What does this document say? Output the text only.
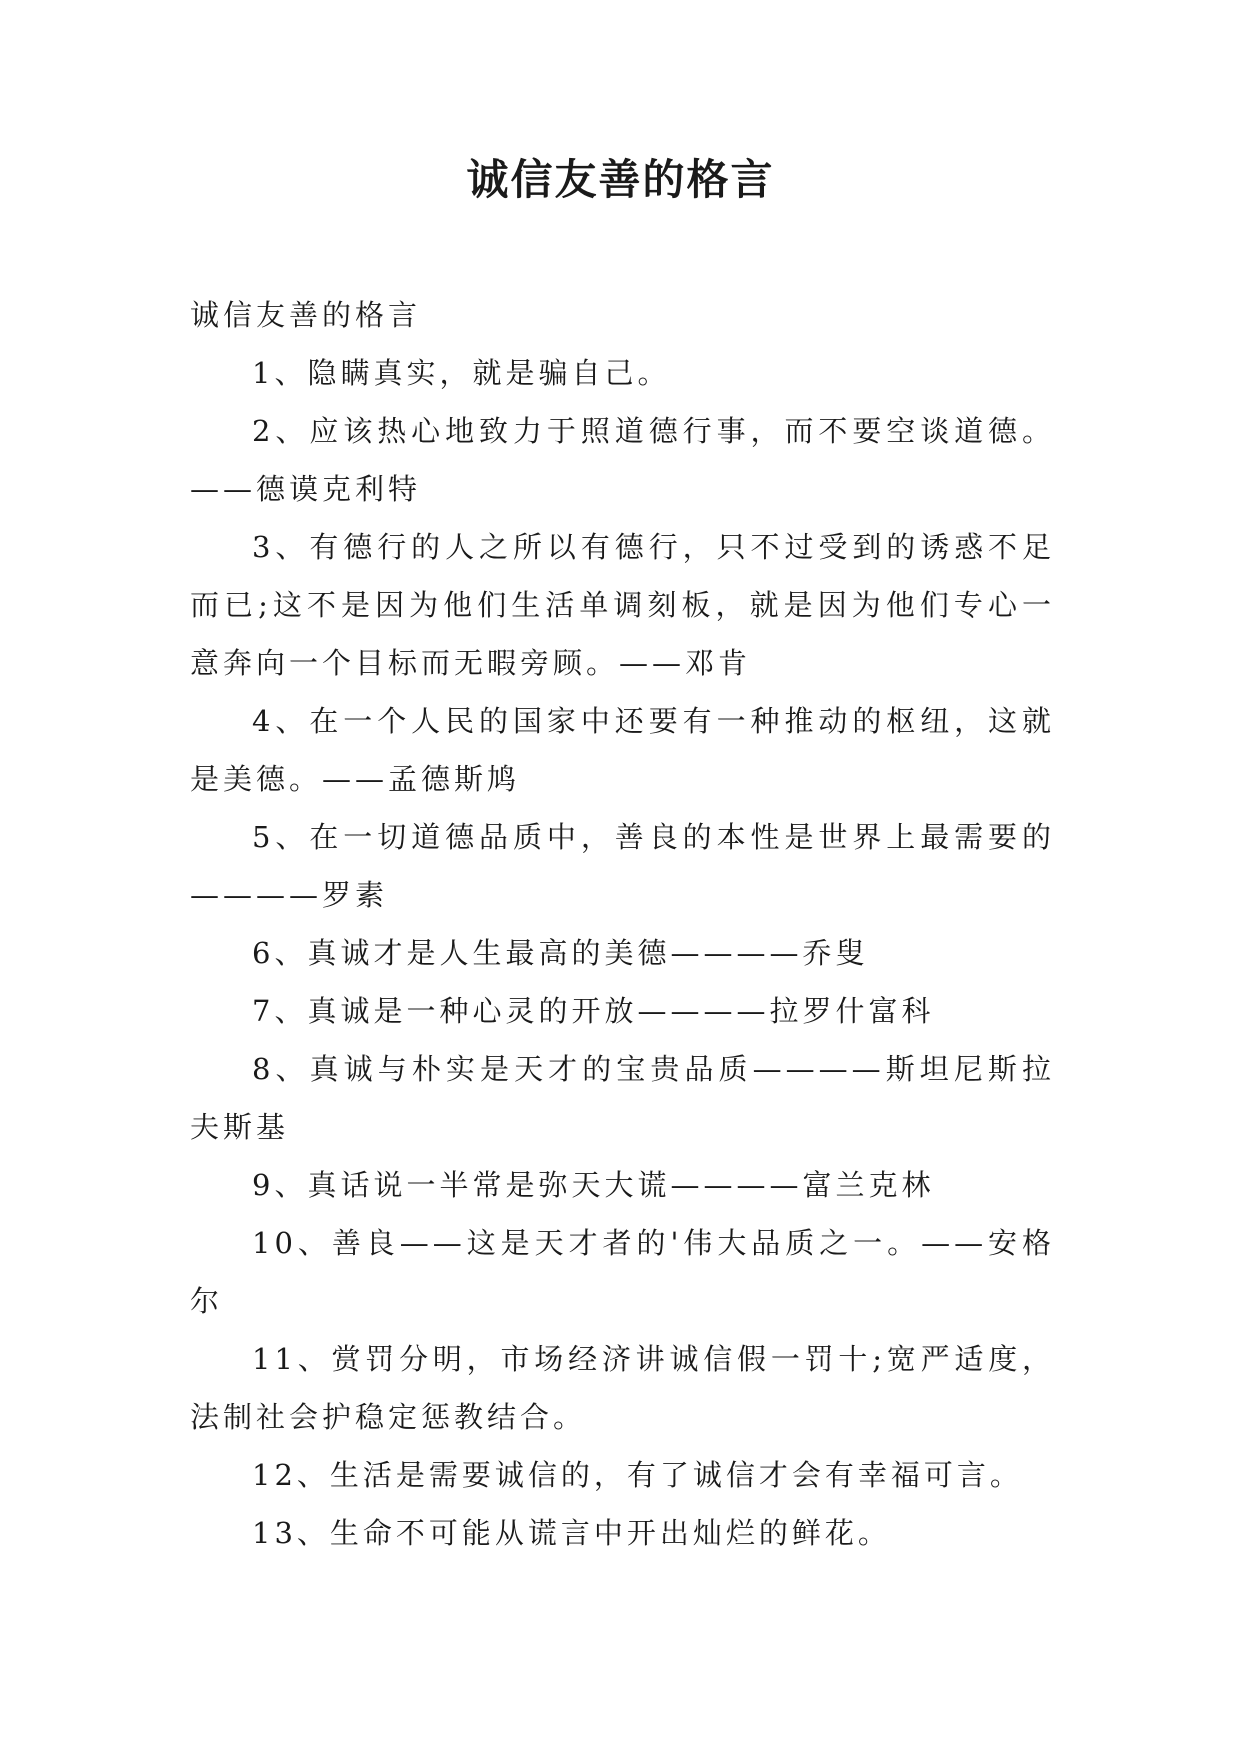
诚信友善的格言

诚信友善的格言

1、隐瞒真实，就是骗自己。

2、应该热心地致力于照道德行事，而不要空谈道德。——德谟克利特

3、有德行的人之所以有德行，只不过受到的诱惑不足而已;这不是因为他们生活单调刻板，就是因为他们专心一意奔向一个目标而无暇旁顾。——邓肯

4、在一个人民的国家中还要有一种推动的枢纽，这就是美德。——孟德斯鸠

5、在一切道德品质中，善良的本性是世界上最需要的————罗素

6、真诚才是人生最高的美德————乔叟

7、真诚是一种心灵的开放————拉罗什富科

8、真诚与朴实是天才的宝贵品质————斯坦尼斯拉夫斯基

9、真话说一半常是弥天大谎————富兰克林

10、善良——这是天才者的'伟大品质之一。——安格尔

11、赏罚分明，市场经济讲诚信假一罚十;宽严适度，法制社会护稳定惩教结合。

12、生活是需要诚信的，有了诚信才会有幸福可言。

13、生命不可能从谎言中开出灿烂的鲜花。
